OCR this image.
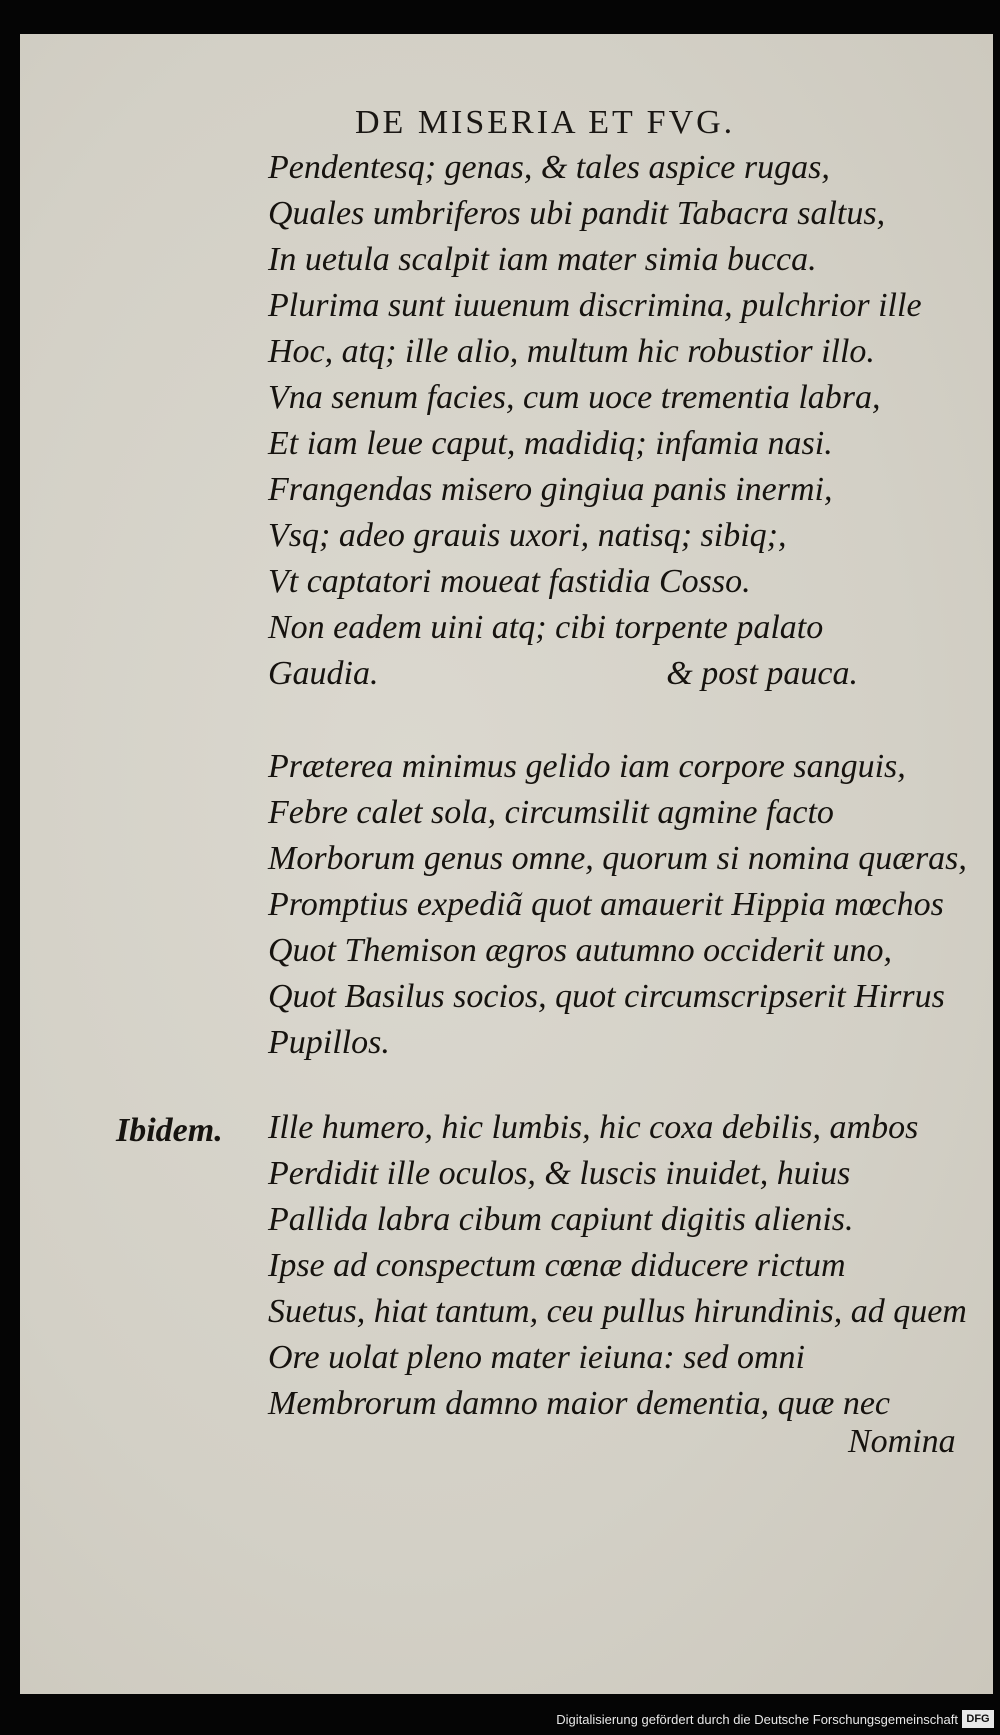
DE MISERIA ET FVG.
Pendentesq; genas, & tales aspice rugas,
Quales umbriferos ubi pandit Tabacra saltus,
In uetula scalpit iam mater simia bucca.
Plurima sunt iuuenum discrimina, pulchrior ille
Hoc, atq; ille alio, multum hic robustior illo.
Vna senum facies, cum uoce trementia labra,
Et iam leue caput, madidiq; infamia nasi.
Frangendas misero gingiua panis inermi,
Vsq; adeo grauis uxori, natisq; sibiq;,
Vt captatori moueat fastidia Cosso.
Non eadem uini atq; cibi torpente palato
Gaudia.	& post pauca.
Præterea minimus gelido iam corpore sanguis,
Febre calet sola, circumsilit agmine facto
Morborum genus omne, quorum si nomina quæras,
Promptius expediã quot amauerit Hippia mœchos
Quot Themison ægros autumno occiderit uno,
Quot Basilus socios, quot circumscripserit Hirrus
Pupillos.
Ibidem. Ille humero, hic lumbis, hic coxa debilis, ambos
Perdidit ille oculos, & luscis inuidet, huius
Pallida labra cibum capiunt digitis alienis.
Ipse ad conspectum cœnæ diducere rictum
Suetus, hiat tantum, ceu pullus hirundinis, ad quem
Ore uolat pleno mater ieiuna: sed omni
Membrorum damno maior dementia, quæ nec
Nomina
Digitalisierung gefördert durch die Deutsche Forschungsgemeinschaft DFG
